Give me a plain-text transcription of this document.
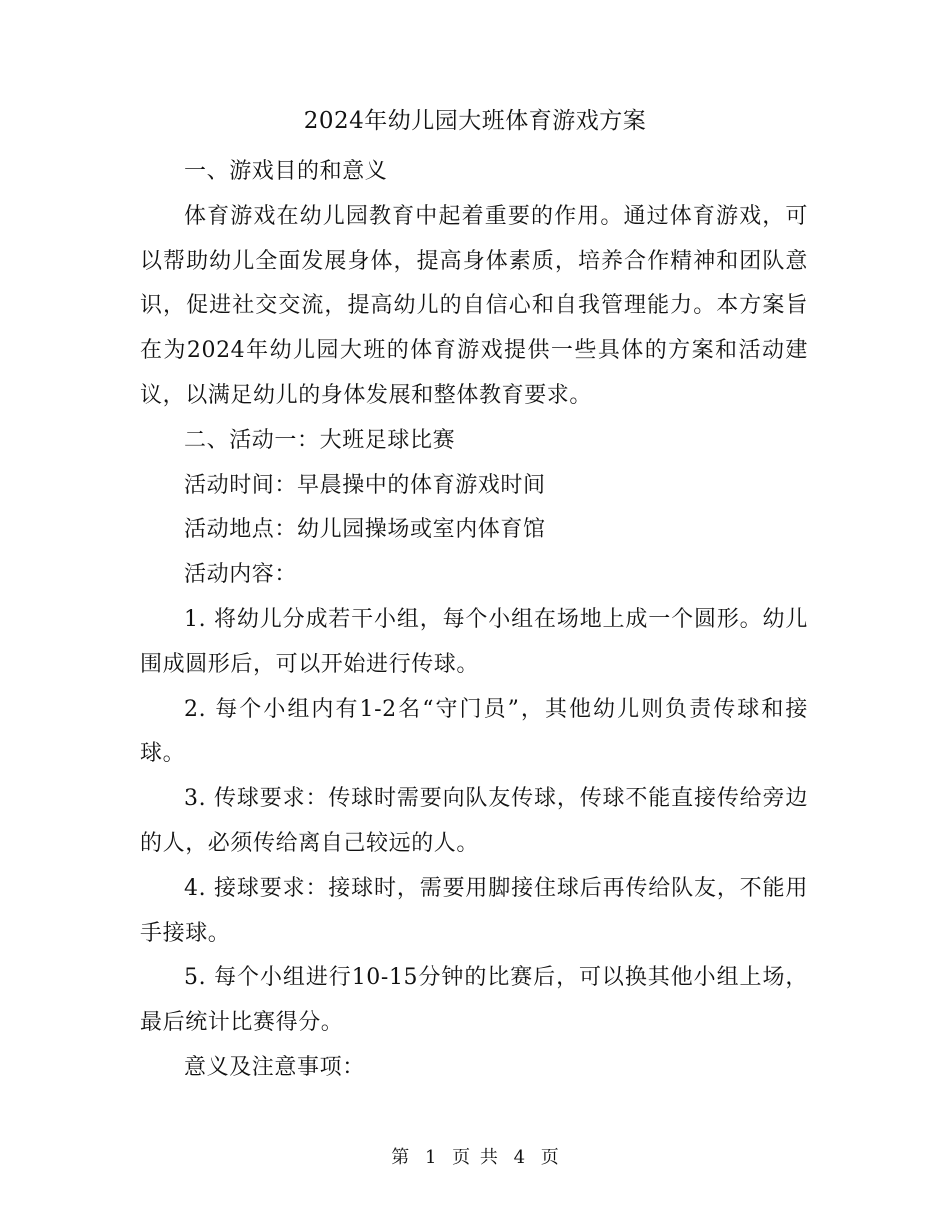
2024年幼儿园大班体育游戏方案

一、游戏目的和意义

体育游戏在幼儿园教育中起着重要的作用。通过体育游戏，可以帮助幼儿全面发展身体，提高身体素质，培养合作精神和团队意识，促进社交交流，提高幼儿的自信心和自我管理能力。本方案旨在为2024年幼儿园大班的体育游戏提供一些具体的方案和活动建议，以满足幼儿的身体发展和整体教育要求。

二、活动一：大班足球比赛

活动时间：早晨操中的体育游戏时间

活动地点：幼儿园操场或室内体育馆

活动内容：

1. 将幼儿分成若干小组，每个小组在场地上成一个圆形。幼儿围成圆形后，可以开始进行传球。

2. 每个小组内有1-2名“守门员”，其他幼儿则负责传球和接球。

3. 传球要求：传球时需要向队友传球，传球不能直接传给旁边的人，必须传给离自己较远的人。

4. 接球要求：接球时，需要用脚接住球后再传给队友，不能用手接球。

5. 每个小组进行10-15分钟的比赛后，可以换其他小组上场，最后统计比赛得分。

意义及注意事项：

第 1 页 共 4 页
